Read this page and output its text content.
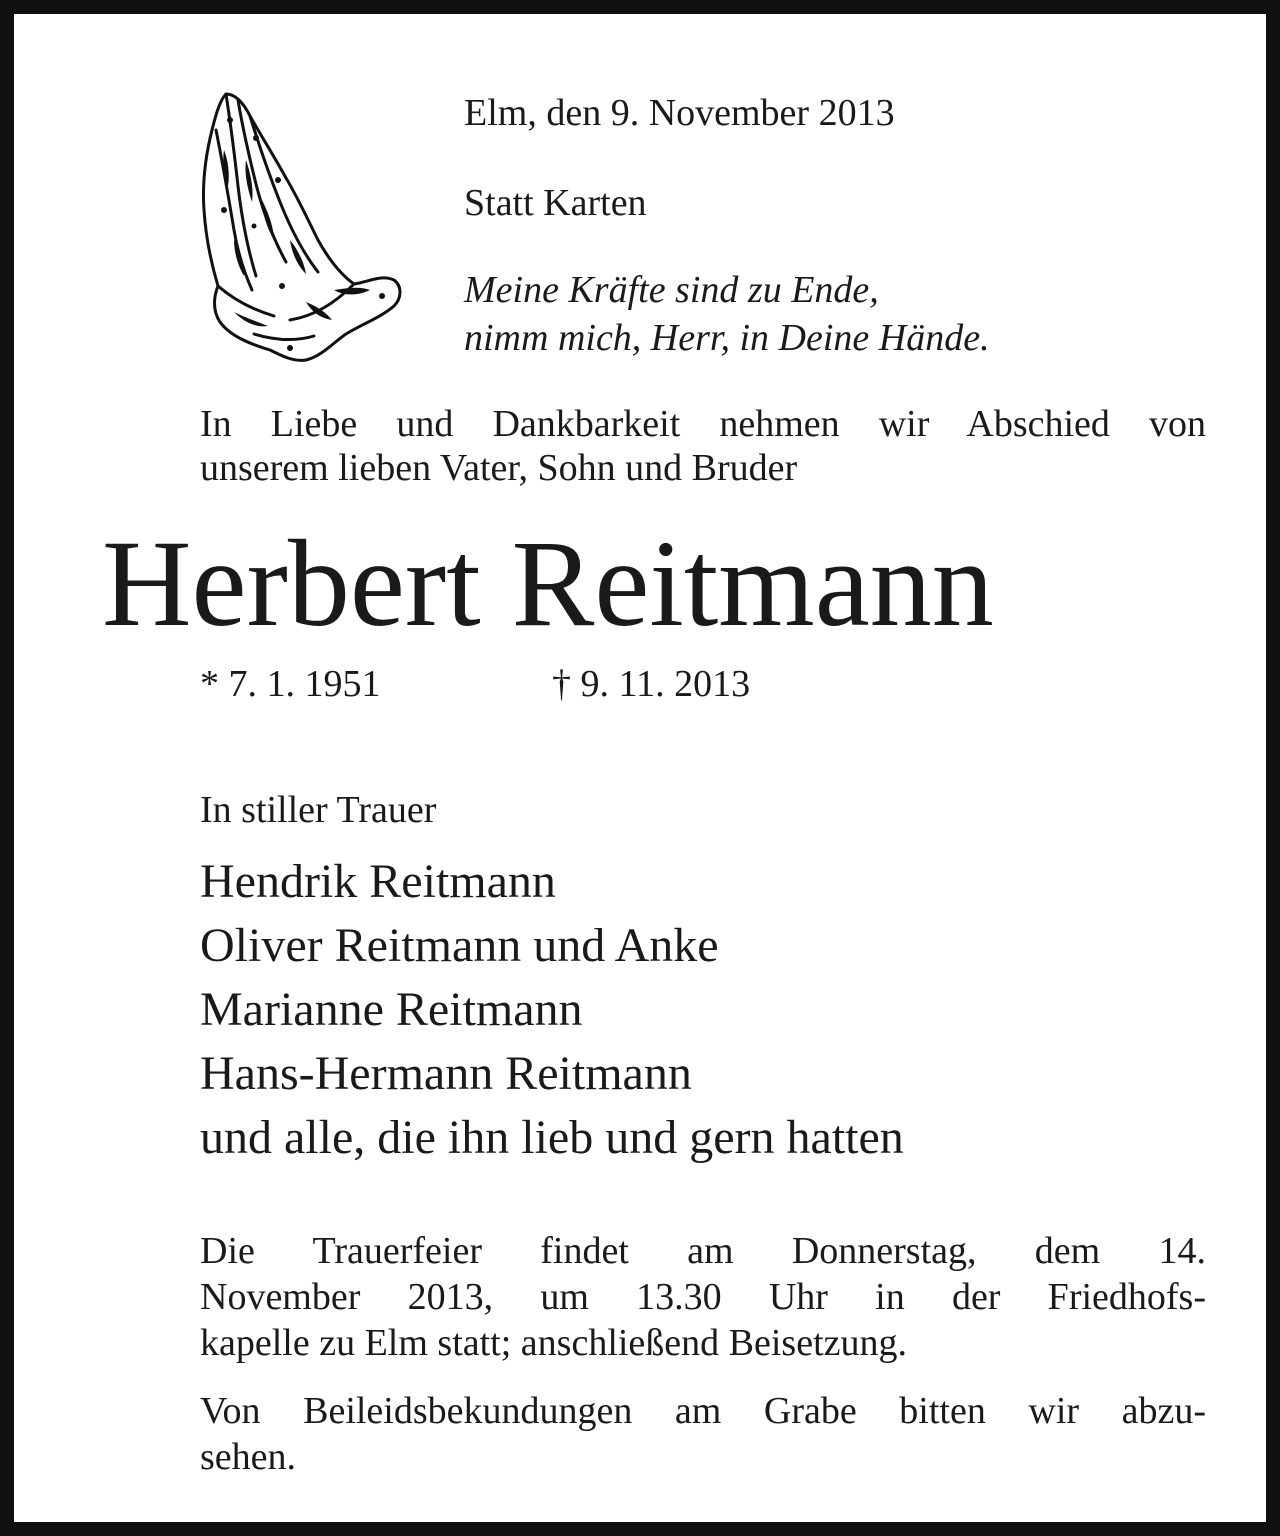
Elm, den 9. November 2013

Statt Karten

Meine Kräfte sind zu Ende,
nimm mich, Herr, in Deine Hände.

In Liebe und Dankbarkeit nehmen wir Abschied von
unserem lieben Vater, Sohn und Bruder

Herbert Reitmann

* 7. 1. 1951	† 9. 11. 2013

In stiller Trauer

Hendrik Reitmann
Oliver Reitmann und Anke
Marianne Reitmann
Hans-Hermann Reitmann
und alle, die ihn lieb und gern hatten

Die Trauerfeier findet am Donnerstag, dem 14.
November 2013, um 13.30 Uhr in der Friedhofs-
kapelle zu Elm statt; anschließend Beisetzung.

Von Beileidsbekundungen am Grabe bitten wir abzu-
sehen.
